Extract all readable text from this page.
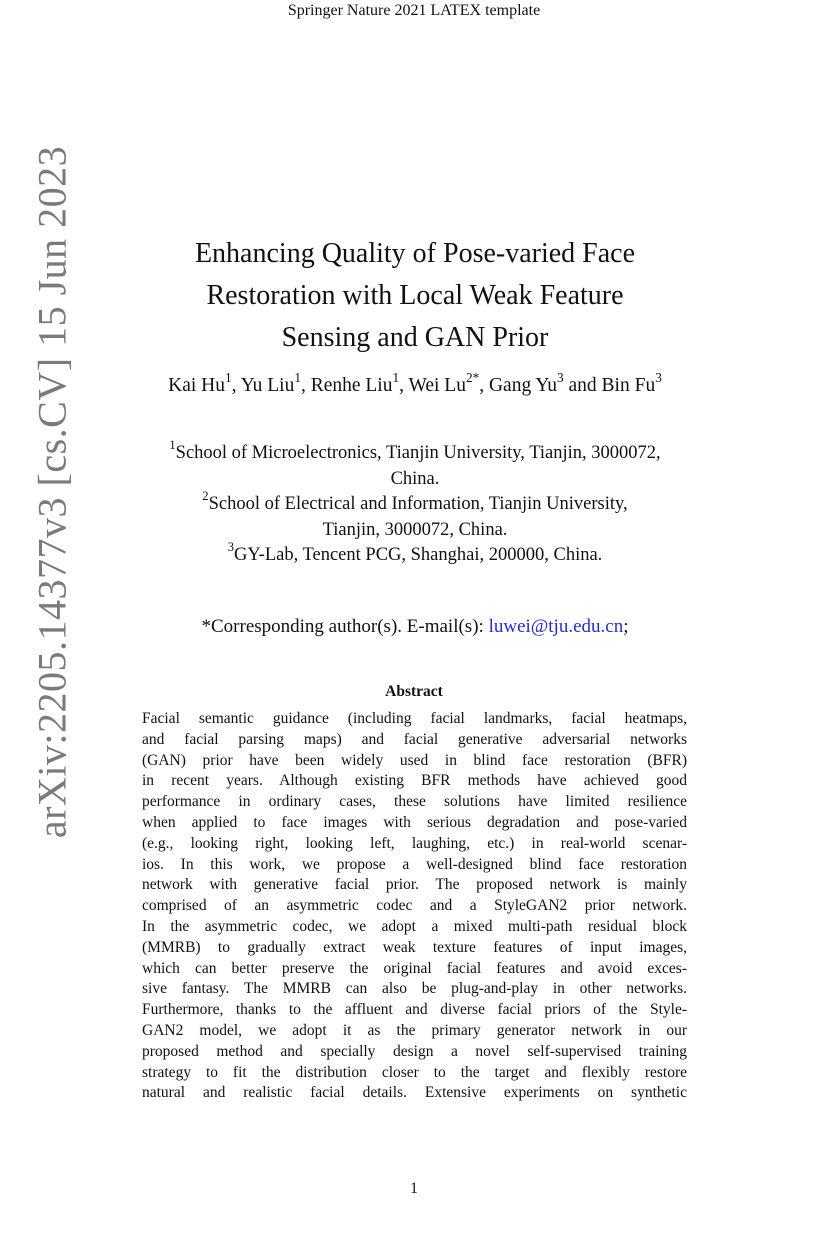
Springer Nature 2021 LATEX template
arXiv:2205.14377v3 [cs.CV] 15 Jun 2023	Enhancing Quality of Pose-varied Face
Restoration with Local Weak Feature
Sensing and GAN Prior
Kai Hu$^1$, Yu Liu$^1$, Renhe Liu$^1$, Wei $Lu^{2*}$, Gang Yu$^3$ and Bin Fu$^3$
$^1$School of Microelectronics, Tianjin University, Tianjin, 3000072,
China.
$^2$School of Electrical and Information, Tianjin University,
Tianjin, 3000072, China.
$^3$GY-Lab, Tencent PCG, Shanghai, 200000, China.
*Corresponding author(s). E-mail(s): luwei@tju.edu.cn;
Abstract
Facial semantic guidance (including facial landmarks, facial heatmaps,
and facial parsing maps) and facial generative adversarial networks
(GAN) prior have been widely used in blind face restoration (BFR)
in recent years. Although existing BFR methods have achieved good
performance in ordinary cases, these solutions have limited resilience
when applied to face images with serious degradation and pose-varied
(e.g., looking right, looking left, laughing, etc.) in real-world scenar-
ios. In this work, we propose a well-designed blind face restoration
network with generative facial prior. The proposed network is mainly
comprised of an asymmetric codec and a StyleGAN2 prior network.
In the asymmetric codec, we adopt a mixed multi-path residual block
(MMRB) to gradually extract weak texture features of input images,
which can better preserve the original facial features and avoid exces-
sive fantasy. The MMRB can also be plug-and-play in other networks.
Furthermore, thanks to the affluent and diverse facial priors of the Style-
GAN2 model, we adopt it as the primary generator network in our
proposed method and specially design a novel self-supervised training
strategy to fit the distribution closer to the target and flexibly restore
natural and realistic facial details. Extensive experiments on synthetic
1
